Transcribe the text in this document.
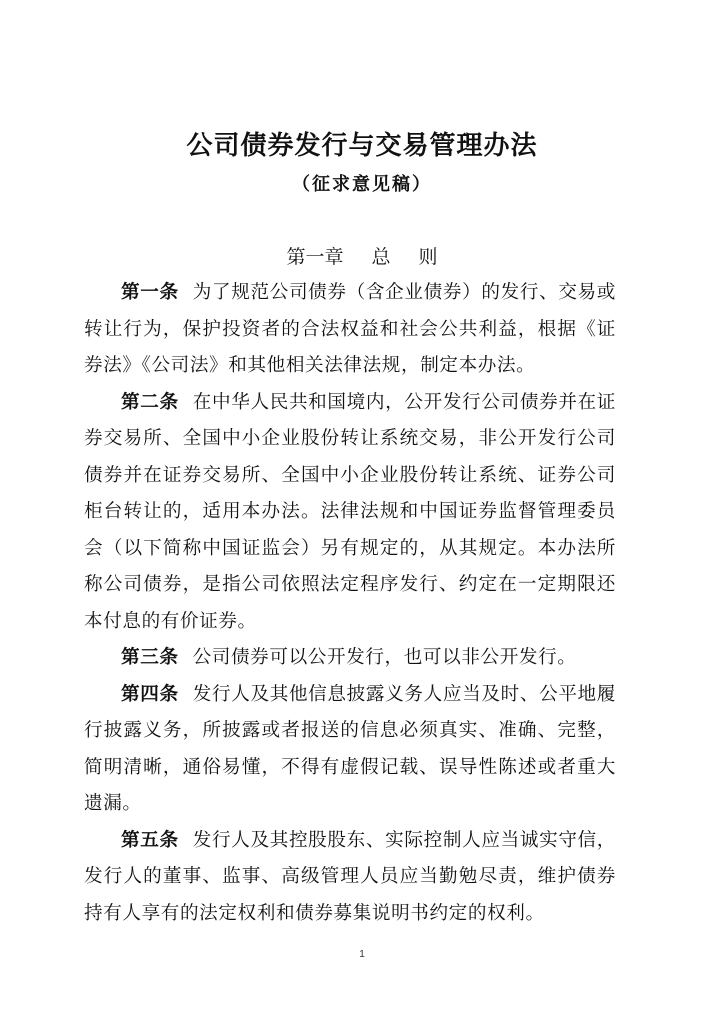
公司债券发行与交易管理办法
（征求意见稿）
第一章 总 则

第一条 为了规范公司债券（含企业债券）的发行、交易或转让行为，保护投资者的合法权益和社会公共利益，根据《证券法》《公司法》和其他相关法律法规，制定本办法。

第二条 在中华人民共和国境内，公开发行公司债券并在证券交易所、全国中小企业股份转让系统交易，非公开发行公司债券并在证券交易所、全国中小企业股份转让系统、证券公司柜台转让的，适用本办法。法律法规和中国证券监督管理委员会（以下简称中国证监会）另有规定的，从其规定。本办法所称公司债券，是指公司依照法定程序发行、约定在一定期限还本付息的有价证券。

第三条 公司债券可以公开发行，也可以非公开发行。

第四条 发行人及其他信息披露义务人应当及时、公平地履行披露义务，所披露或者报送的信息必须真实、准确、完整，简明清晰，通俗易懂，不得有虚假记载、误导性陈述或者重大遗漏。

第五条 发行人及其控股股东、实际控制人应当诚实守信，发行人的董事、监事、高级管理人员应当勤勉尽责，维护债券持有人享有的法定权利和债券募集说明书约定的权利。

1
